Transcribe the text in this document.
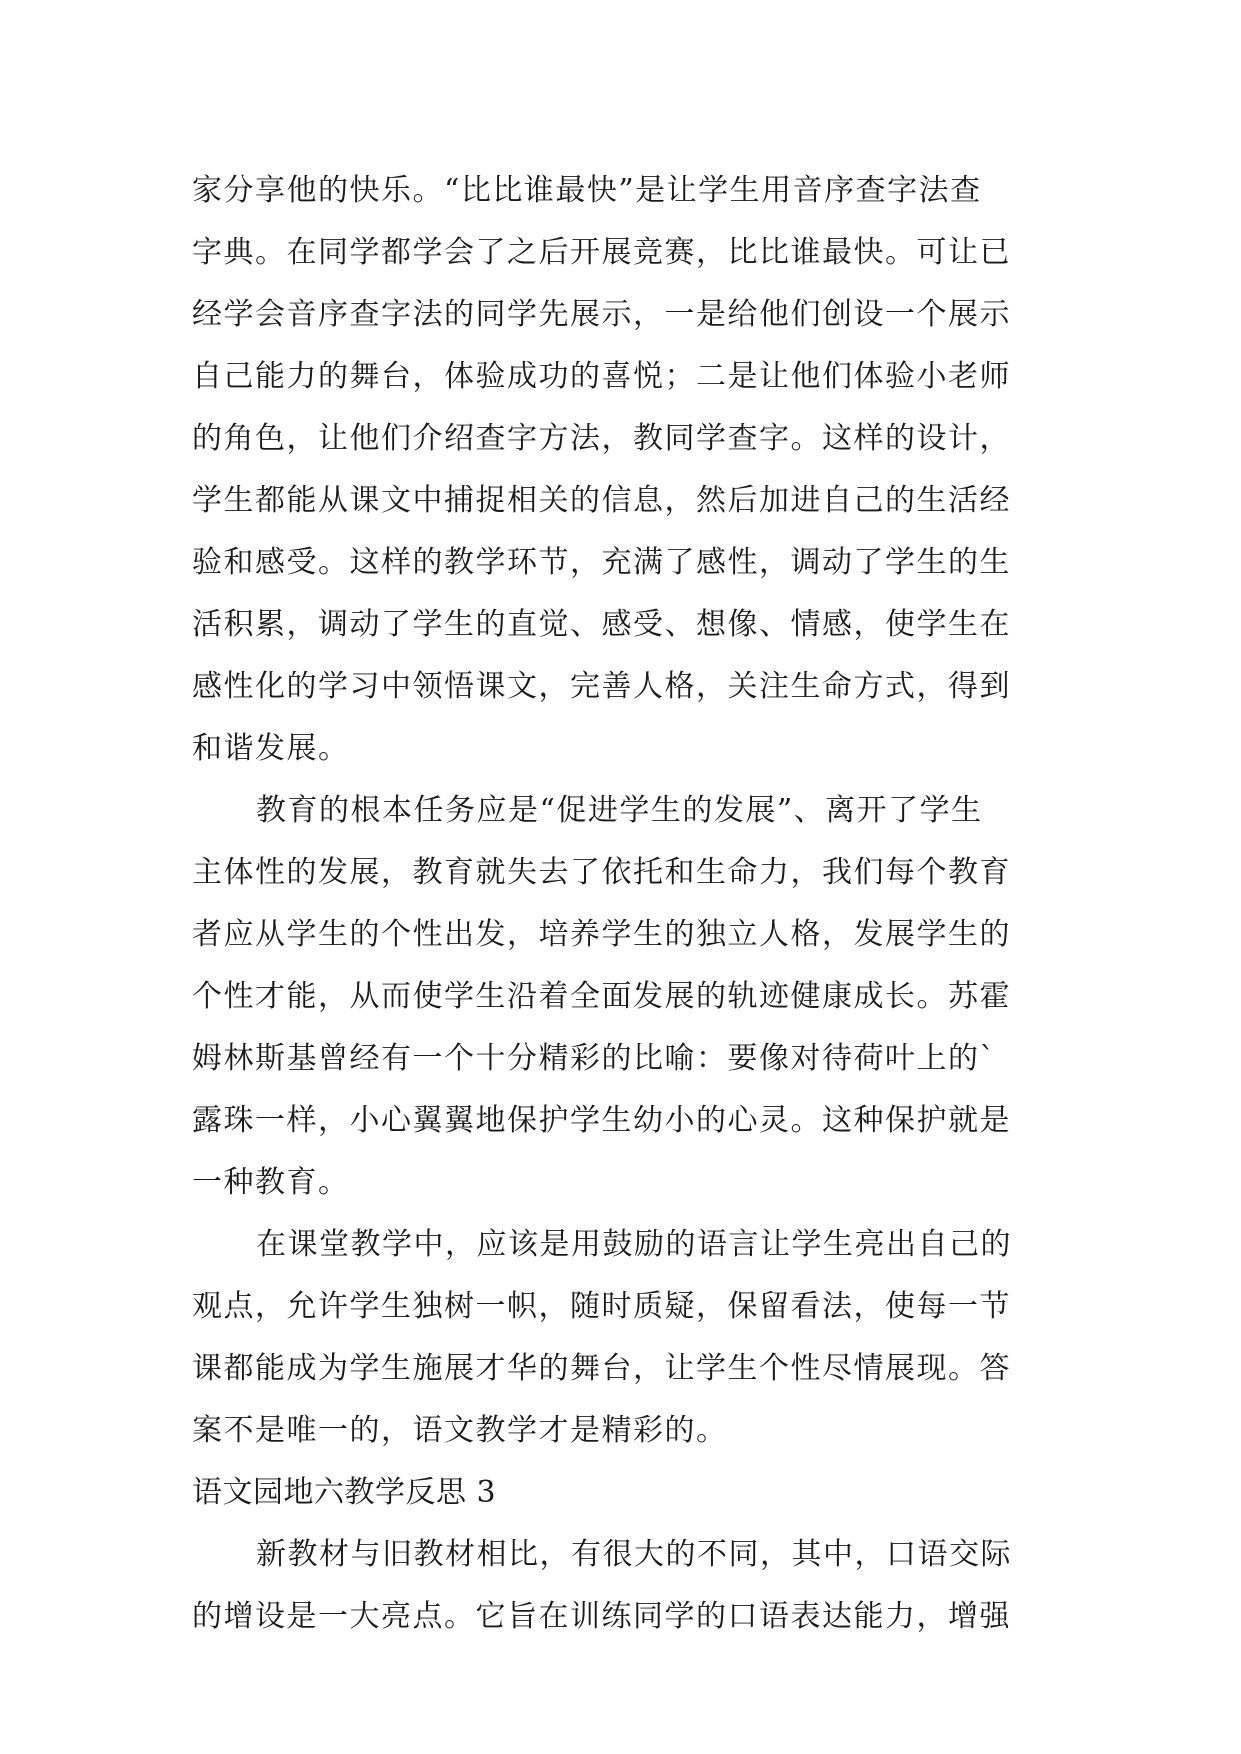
家分享他的快乐。“比比谁最快”是让学生用音序查字法查
字典。在同学都学会了之后开展竞赛，比比谁最快。可让已
经学会音序查字法的同学先展示，一是给他们创设一个展示
自己能力的舞台，体验成功的喜悦；二是让他们体验小老师
的角色，让他们介绍查字方法，教同学查字。这样的设计，
学生都能从课文中捕捉相关的信息，然后加进自己的生活经
验和感受。这样的教学环节，充满了感性，调动了学生的生
活积累，调动了学生的直觉、感受、想像、情感，使学生在
感性化的学习中领悟课文，完善人格，关注生命方式，得到
和谐发展。
教育的根本任务应是“促进学生的发展”、离开了学生
主体性的发展，教育就失去了依托和生命力，我们每个教育
者应从学生的个性出发，培养学生的独立人格，发展学生的
个性才能，从而使学生沿着全面发展的轨迹健康成长。苏霍
姆林斯基曾经有一个十分精彩的比喻：要像对待荷叶上的`
露珠一样，小心翼翼地保护学生幼小的心灵。这种保护就是
一种教育。
在课堂教学中，应该是用鼓励的语言让学生亮出自己的
观点，允许学生独树一帜，随时质疑，保留看法，使每一节
课都能成为学生施展才华的舞台，让学生个性尽情展现。答
案不是唯一的，语文教学才是精彩的。
语文园地六教学反思 3
新教材与旧教材相比，有很大的不同，其中，口语交际
的增设是一大亮点。它旨在训练同学的口语表达能力，增强
